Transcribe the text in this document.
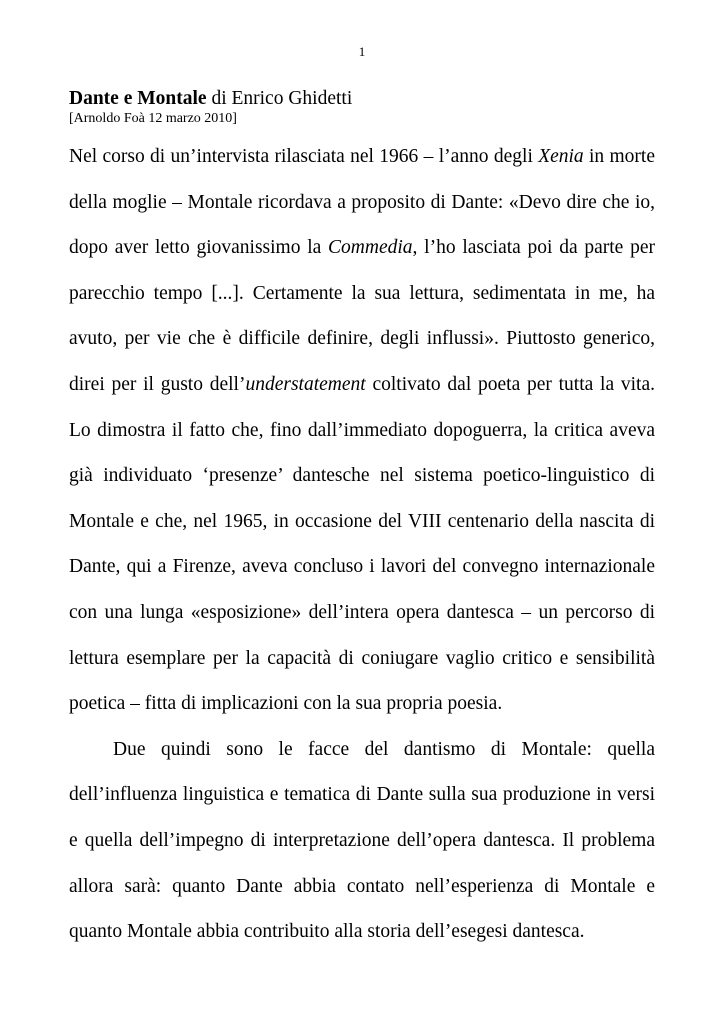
1

Dante e Montale di Enrico Ghidetti

[Arnoldo Foà 12 marzo 2010]

Nel corso di un’intervista rilasciata nel 1966 – l’anno degli Xenia in morte
della moglie – Montale ricordava a proposito di Dante: «Devo dire che io,
dopo aver letto giovanissimo la Commedia, l’ho lasciata poi da parte per
parecchio tempo [...]. Certamente la sua lettura, sedimentata in me, ha
avuto, per vie che è difficile definire, degli influssi». Piuttosto generico,
direi per il gusto dell’understatement coltivato dal poeta per tutta la vita.
Lo dimostra il fatto che, fino dall’immediato dopoguerra, la critica aveva
già individuato ‘presenze’ dantesche nel sistema poetico-linguistico di
Montale e che, nel 1965, in occasione del VIII centenario della nascita di
Dante, qui a Firenze, aveva concluso i lavori del convegno internazionale
con una lunga «esposizione» dell’intera opera dantesca – un percorso di
lettura esemplare per la capacità di coniugare vaglio critico e sensibilità
poetica – fitta di implicazioni con la sua propria poesia.
Due quindi sono le facce del dantismo di Montale: quella
dell’influenza linguistica e tematica di Dante sulla sua produzione in versi
e quella dell’impegno di interpretazione dell’opera dantesca. Il problema
allora sarà: quanto Dante abbia contato nell’esperienza di Montale e
quanto Montale abbia contribuito alla storia dell’esegesi dantesca.
